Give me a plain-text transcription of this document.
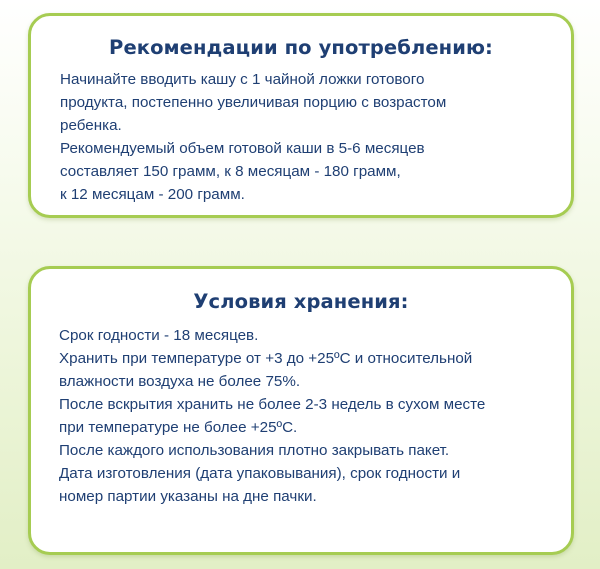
Рекомендации по употреблению:

Начинайте вводить кашу с 1 чайной ложки готового
продукта, постепенно увеличивая порцию с возрастом
ребенка.
Рекомендуемый объем готовой каши в 5-6 месяцев
составляет 150 грамм, к 8 месяцам - 180 грамм,
к 12 месяцам - 200 грамм.

Условия хранения:

Срок годности - 18 месяцев.
Хранить при температуре от +3 до +25ºС и относительной
влажности воздуха не более 75%.
После вскрытия хранить не более 2-3 недель в сухом месте
при температуре не более +25ºС.
После каждого использования плотно закрывать пакет.
Дата изготовления (дата упаковывания), срок годности и
номер партии указаны на дне пачки.
